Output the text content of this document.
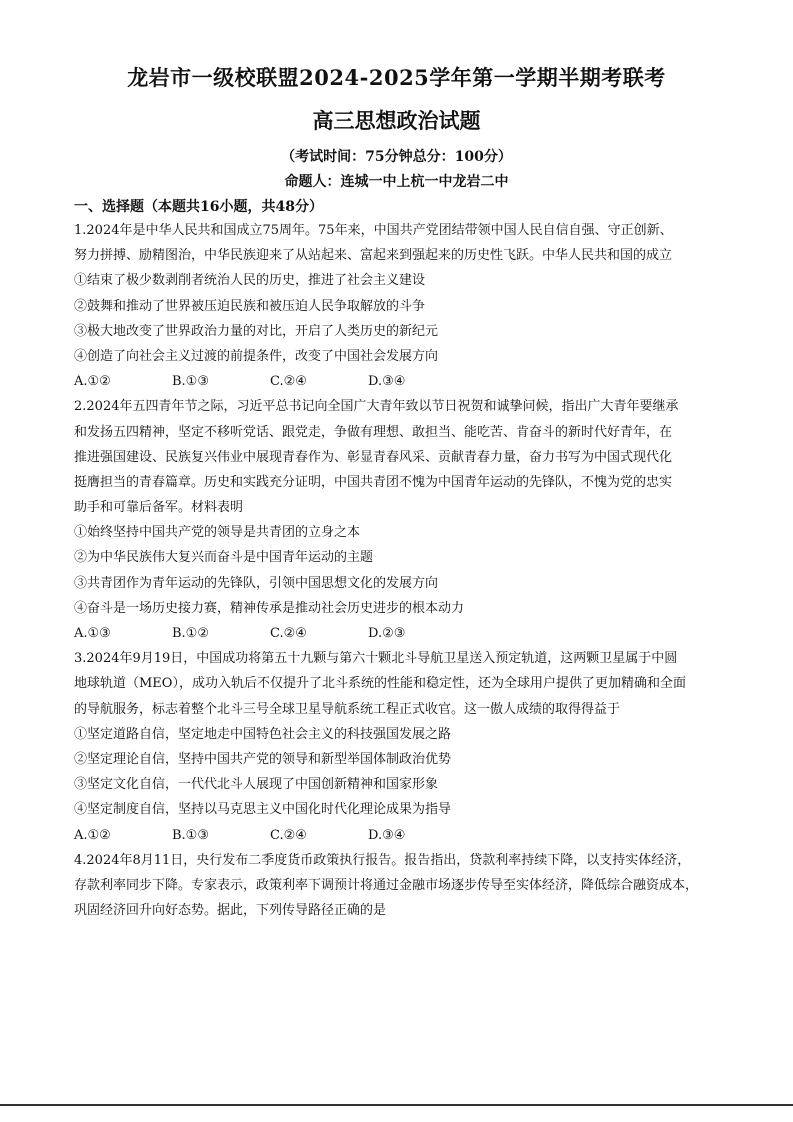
龙岩市一级校联盟2024-2025学年第一学期半期考联考
高三思想政治试题
（考试时间：75分钟总分：100分）
命题人：连城一中上杭一中龙岩二中
一、选择题（本题共16小题，共48分）
1.2024年是中华人民共和国成立75周年。75年来，中国共产党团结带领中国人民自信自强、守正创新、
努力拼搏、励精图治，中华民族迎来了从站起来、富起来到强起来的历史性飞跃。中华人民共和国的成立
①结束了极少数剥削者统治人民的历史，推进了社会主义建设
②鼓舞和推动了世界被压迫民族和被压迫人民争取解放的斗争
③极大地改变了世界政治力量的对比，开启了人类历史的新纪元
④创造了向社会主义过渡的前提条件，改变了中国社会发展方向
A.①②	B.①③	C.②④	D.③④
2.2024年五四青年节之际，习近平总书记向全国广大青年致以节日祝贺和诚挚问候，指出广大青年要继承
和发扬五四精神，坚定不移听党话、跟党走，争做有理想、敢担当、能吃苦、肯奋斗的新时代好青年，在
推进强国建设、民族复兴伟业中展现青春作为、彰显青春风采、贡献青春力量，奋力书写为中国式现代化
挺膺担当的青春篇章。历史和实践充分证明，中国共青团不愧为中国青年运动的先锋队，不愧为党的忠实
助手和可靠后备军。材料表明
①始终坚持中国共产党的领导是共青团的立身之本
②为中华民族伟大复兴而奋斗是中国青年运动的主题
③共青团作为青年运动的先锋队，引领中国思想文化的发展方向
④奋斗是一场历史接力赛，精神传承是推动社会历史进步的根本动力
A.①③	B.①②	C.②④	D.②③
3.2024年9月19日，中国成功将第五十九颗与第六十颗北斗导航卫星送入预定轨道，这两颗卫星属于中圆
地球轨道（MEO），成功入轨后不仅提升了北斗系统的性能和稳定性，还为全球用户提供了更加精确和全面
的导航服务，标志着整个北斗三号全球卫星导航系统工程正式收官。这一傲人成绩的取得得益于
①坚定道路自信，坚定地走中国特色社会主义的科技强国发展之路
②坚定理论自信，坚持中国共产党的领导和新型举国体制政治优势
③坚定文化自信，一代代北斗人展现了中国创新精神和国家形象
④坚定制度自信，坚持以马克思主义中国化时代化理论成果为指导
A.①②	B.①③	C.②④	D.③④
4.2024年8月11日，央行发布二季度货币政策执行报告。报告指出，贷款利率持续下降，以支持实体经济，
存款利率同步下降。专家表示，政策利率下调预计将通过金融市场逐步传导至实体经济，降低综合融资成本，
巩固经济回升向好态势。据此，下列传导路径正确的是
